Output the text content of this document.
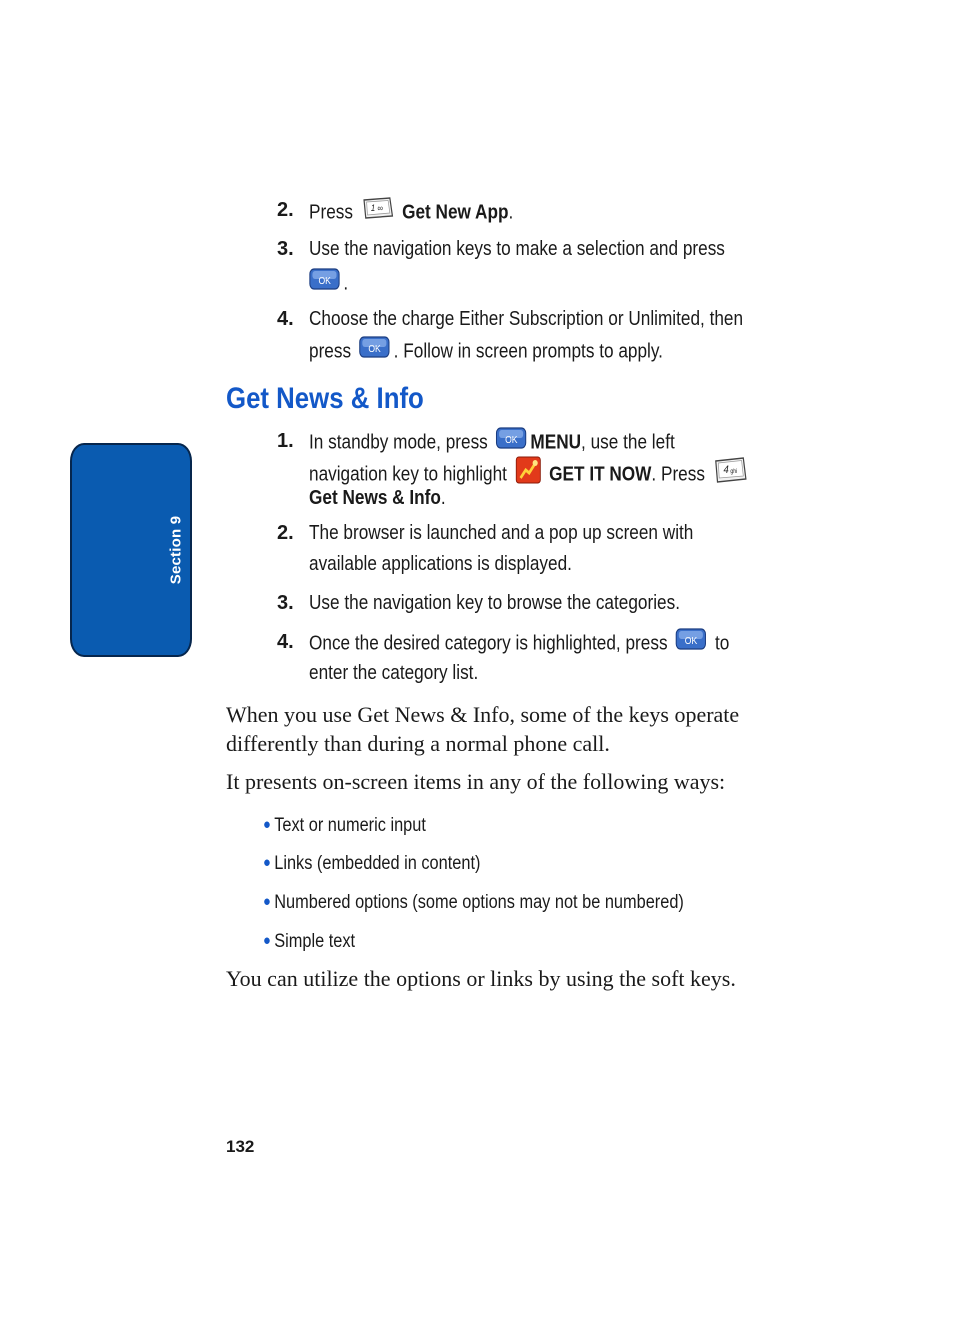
Section 9
2. Press 1 ∞ Get New App.
3. Use the navigation keys to make a selection and press
OK .
4. Choose the charge Either Subscription or Unlimited, then
press OK . Follow in screen prompts to apply.
Get News & Info
1. In standby mode, press OK MENU, use the left
navigation key to highlight GET IT NOW. Press 4 ghi
Get News & Info.
2. The browser is launched and a pop up screen with
available applications is displayed.
3. Use the navigation key to browse the categories.
4. Once the desired category is highlighted, press OK to
enter the category list.
When you use Get News & Info, some of the keys operate
differently than during a normal phone call.
It presents on-screen items in any of the following ways:
● Text or numeric input
● Links (embedded in content)
● Numbered options (some options may not be numbered)
● Simple text
You can utilize the options or links by using the soft keys.
132
